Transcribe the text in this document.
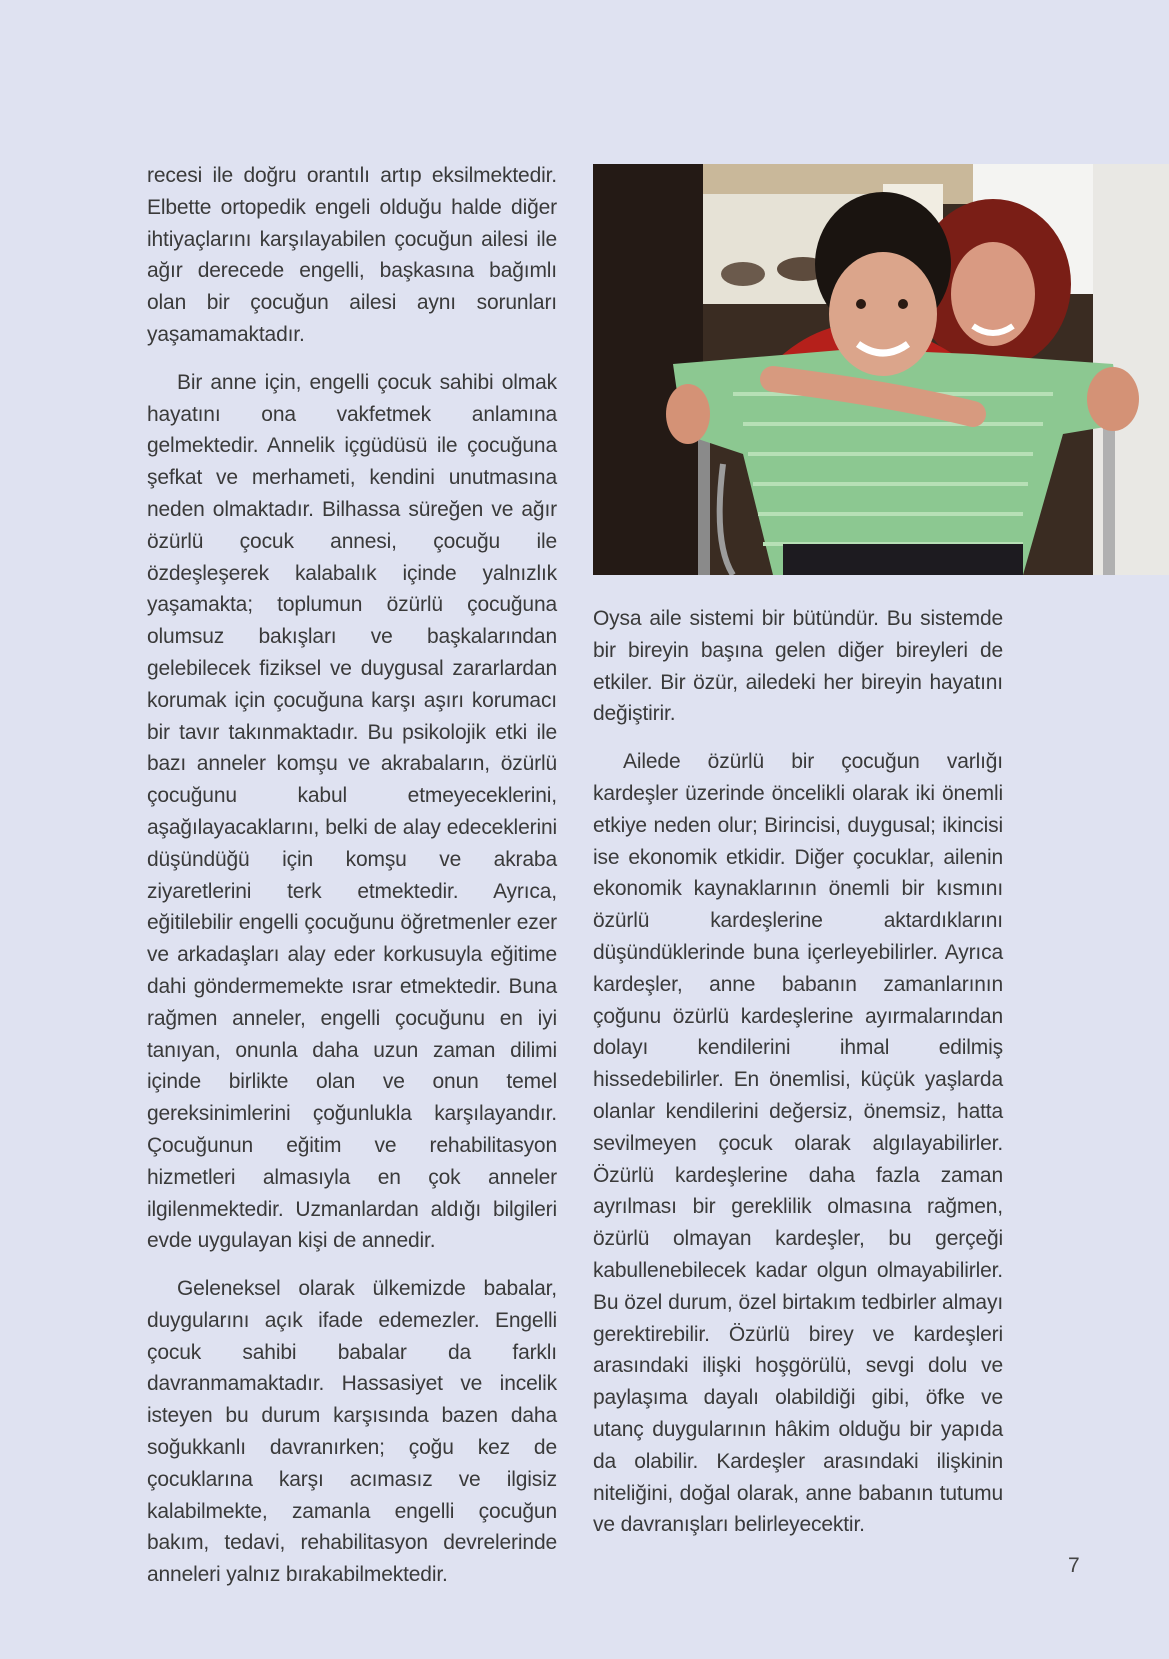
recesi ile doğru orantılı artıp eksilmektedir. Elbette ortopedik engeli olduğu halde diğer ihtiyaçlarını karşılayabilen çocuğun ailesi ile ağır derecede engelli, başkasına bağımlı olan bir çocuğun ailesi aynı sorunları yaşamamaktadır.

Bir anne için, engelli çocuk sahibi olmak hayatını ona vakfetmek anlamına gelmektedir. Annelik içgüdüsü ile çocuğuna şefkat ve merhameti, kendini unutmasına neden olmaktadır. Bilhassa süreğen ve ağır özürlü çocuk annesi, çocuğu ile özdeşleşerek kalabalık içinde yalnızlık yaşamakta; toplumun özürlü çocuğuna olumsuz bakışları ve başkalarından gelebilecek fiziksel ve duygusal zararlardan korumak için çocuğuna karşı aşırı korumacı bir tavır takınmaktadır. Bu psikolojik etki ile bazı anneler komşu ve akrabaların, özürlü çocuğunu kabul etmeyeceklerini, aşağılayacaklarını, belki de alay edeceklerini düşündüğü için komşu ve akraba ziyaretlerini terk etmektedir. Ayrıca, eğitilebilir engelli çocuğunu öğretmenler ezer ve arkadaşları alay eder korkusuyla eğitime dahi göndermemekte ısrar etmektedir. Buna rağmen anneler, engelli çocuğunu en iyi tanıyan, onunla daha uzun zaman dilimi içinde birlikte olan ve onun temel gereksinimlerini çoğunlukla karşılayandır. Çocuğunun eğitim ve rehabilitasyon hizmetleri almasıyla en çok anneler ilgilenmektedir. Uzmanlardan aldığı bilgileri evde uygulayan kişi de annedir.

Geleneksel olarak ülkemizde babalar, duygularını açık ifade edemezler. Engelli çocuk sahibi babalar da farklı davranmamaktadır. Hassasiyet ve incelik isteyen bu durum karşısında bazen daha soğukkanlı davranırken; çoğu kez de çocuklarına karşı acımasız ve ilgisiz kalabilmekte, zamanla engelli çocuğun bakım, tedavi, rehabilitasyon devrelerinde anneleri yalnız bırakabilmektedir.

Oysa aile sistemi bir bütündür. Bu sistemde bir bireyin başına gelen diğer bireyleri de etkiler. Bir özür, ailedeki her bireyin hayatını değiştirir.

Ailede özürlü bir çocuğun varlığı kardeşler üzerinde öncelikli olarak iki önemli etkiye neden olur; Birincisi, duygusal; ikincisi ise ekonomik etkidir. Diğer çocuklar, ailenin ekonomik kaynaklarının önemli bir kısmını özürlü kardeşlerine aktardıklarını düşündüklerinde buna içerleyebilirler. Ayrıca kardeşler, anne babanın zamanlarının çoğunu özürlü kardeşlerine ayırmalarından dolayı kendilerini ihmal edilmiş hissedebilirler. En önemlisi, küçük yaşlarda olanlar kendilerini değersiz, önemsiz, hatta sevilmeyen çocuk olarak algılayabilirler. Özürlü kardeşlerine daha fazla zaman ayrılması bir gereklilik olmasına rağmen, özürlü olmayan kardeşler, bu gerçeği kabullenebilecek kadar olgun olmayabilirler. Bu özel durum, özel birtakım tedbirler almayı gerektirebilir. Özürlü birey ve kardeşleri arasındaki ilişki hoşgörülü, sevgi dolu ve paylaşıma dayalı olabildiği gibi, öfke ve utanç duygularının hâkim olduğu bir yapıda da olabilir. Kardeşler arasındaki ilişkinin niteliğini, doğal olarak, anne babanın tutumu ve davranışları belirleyecektir.

7
